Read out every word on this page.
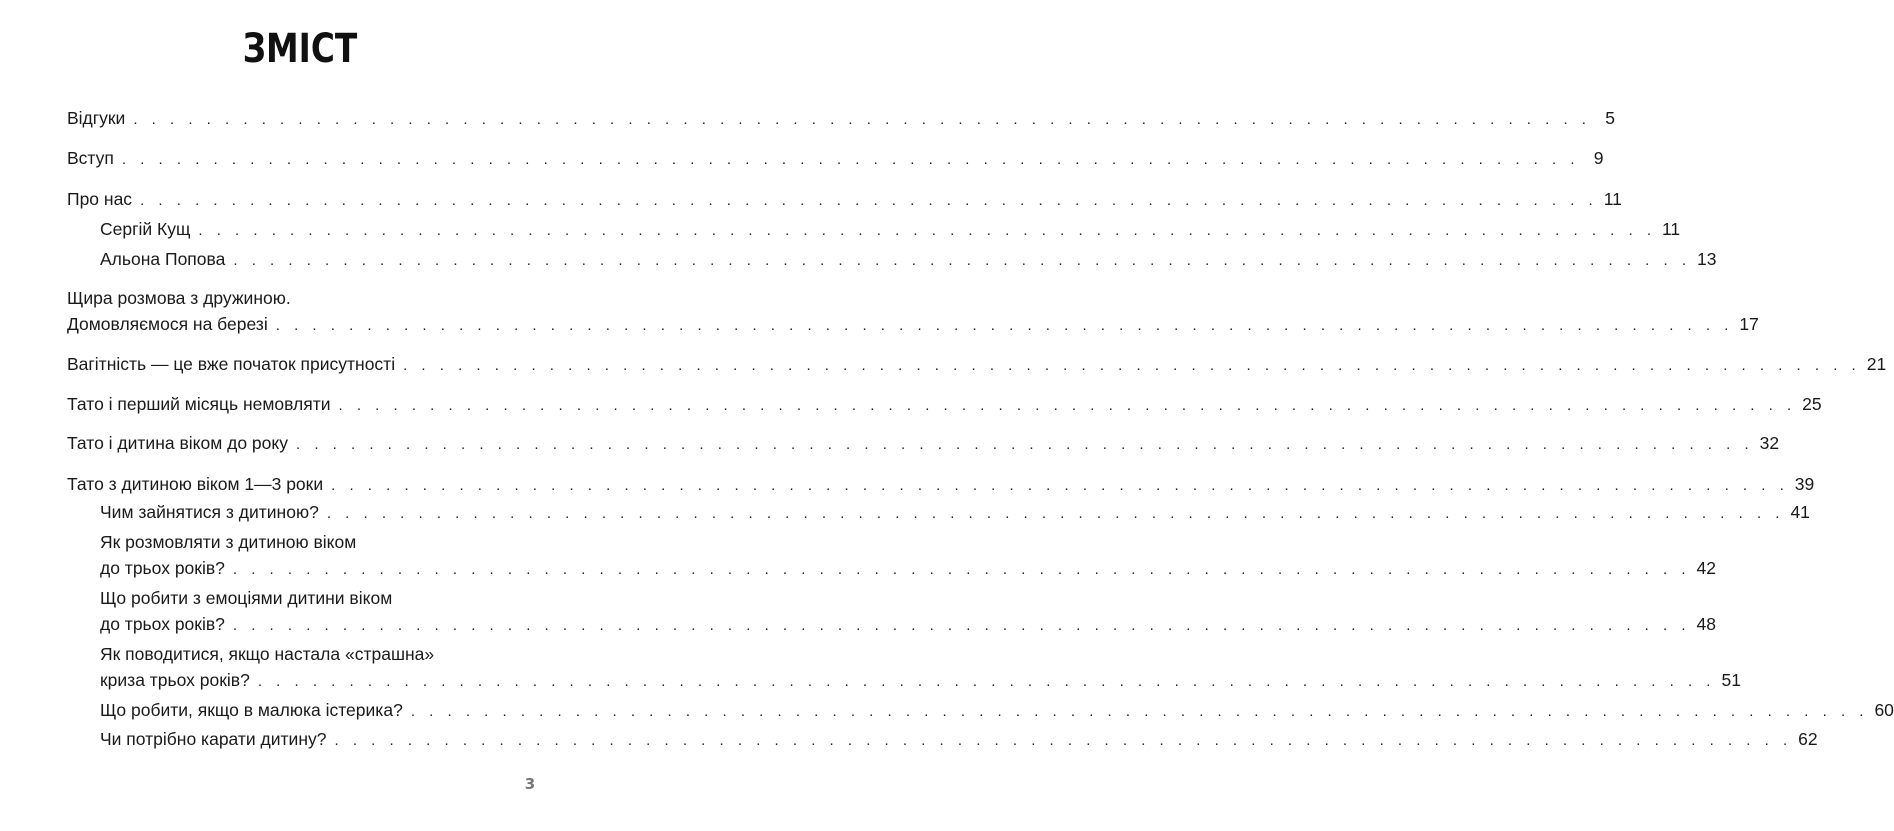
ЗМІСТ
Відгуки . . . . . . . . . . . . . . . . . . . . . . . . . . . . . . . . . . . . . . . . . . . . . . . . . . . . . . . . . . . . . . . . . . . . . . . . . . . . . . . . 5
Вступ . . . . . . . . . . . . . . . . . . . . . . . . . . . . . . . . . . . . . . . . . . . . . . . . . . . . . . . . . . . . . . . . . . . . . . . . . . . . . . . . 9
Про нас . . . . . . . . . . . . . . . . . . . . . . . . . . . . . . . . . . . . . . . . . . . . . . . . . . . . . . . . . . . . . . . . . . . . . . . . . . . . . . . . 11
Сергій Кущ . . . . . . . . . . . . . . . . . . . . . . . . . . . . . . . . . . . . . . . . . . . . . . . . . . . . . . . . . . . . . . . . . . . . . . . . . . . . . . . . 11
Альона Попова . . . . . . . . . . . . . . . . . . . . . . . . . . . . . . . . . . . . . . . . . . . . . . . . . . . . . . . . . . . . . . . . . . . . . . . . . . . . . . . . 13
Щира розмова з дружиною.
Домовляємося на березі . . . . . . . . . . . . . . . . . . . . . . . . . . . . . . . . . . . . . . . . . . . . . . . . . . . . . . . . . . . . . . . . . . . . . . . . . . . . . . . . 17
Вагітність — це вже початок присутності . . . . . . . . . . . . . . . . . . . . . . . . . . . . . . . . . . . . . . . . . . . . . . . . . . . . . . . . . . . . . . . . . . . . . . . . . . . . . . . . 21
Тато і перший місяць немовляти . . . . . . . . . . . . . . . . . . . . . . . . . . . . . . . . . . . . . . . . . . . . . . . . . . . . . . . . . . . . . . . . . . . . . . . . . . . . . . . . 25
Тато і дитина віком до року . . . . . . . . . . . . . . . . . . . . . . . . . . . . . . . . . . . . . . . . . . . . . . . . . . . . . . . . . . . . . . . . . . . . . . . . . . . . . . . . 32
Тато з дитиною віком 1—3 роки . . . . . . . . . . . . . . . . . . . . . . . . . . . . . . . . . . . . . . . . . . . . . . . . . . . . . . . . . . . . . . . . . . . . . . . . . . . . . . . . 39
Чим зайнятися з дитиною? . . . . . . . . . . . . . . . . . . . . . . . . . . . . . . . . . . . . . . . . . . . . . . . . . . . . . . . . . . . . . . . . . . . . . . . . . . . . . . . . 41
Як розмовляти з дитиною віком
до трьох років? . . . . . . . . . . . . . . . . . . . . . . . . . . . . . . . . . . . . . . . . . . . . . . . . . . . . . . . . . . . . . . . . . . . . . . . . . . . . . . . . 42
Що робити з емоціями дитини віком
до трьох років? . . . . . . . . . . . . . . . . . . . . . . . . . . . . . . . . . . . . . . . . . . . . . . . . . . . . . . . . . . . . . . . . . . . . . . . . . . . . . . . . 48
Як поводитися, якщо настала «страшна»
криза трьох років? . . . . . . . . . . . . . . . . . . . . . . . . . . . . . . . . . . . . . . . . . . . . . . . . . . . . . . . . . . . . . . . . . . . . . . . . . . . . . . . . 51
Що робити, якщо в малюка істерика? . . . . . . . . . . . . . . . . . . . . . . . . . . . . . . . . . . . . . . . . . . . . . . . . . . . . . . . . . . . . . . . . . . . . . . . . . . . . . . . . 60
Чи потрібно карати дитину? . . . . . . . . . . . . . . . . . . . . . . . . . . . . . . . . . . . . . . . . . . . . . . . . . . . . . . . . . . . . . . . . . . . . . . . . . . . . . . . . 62
3
